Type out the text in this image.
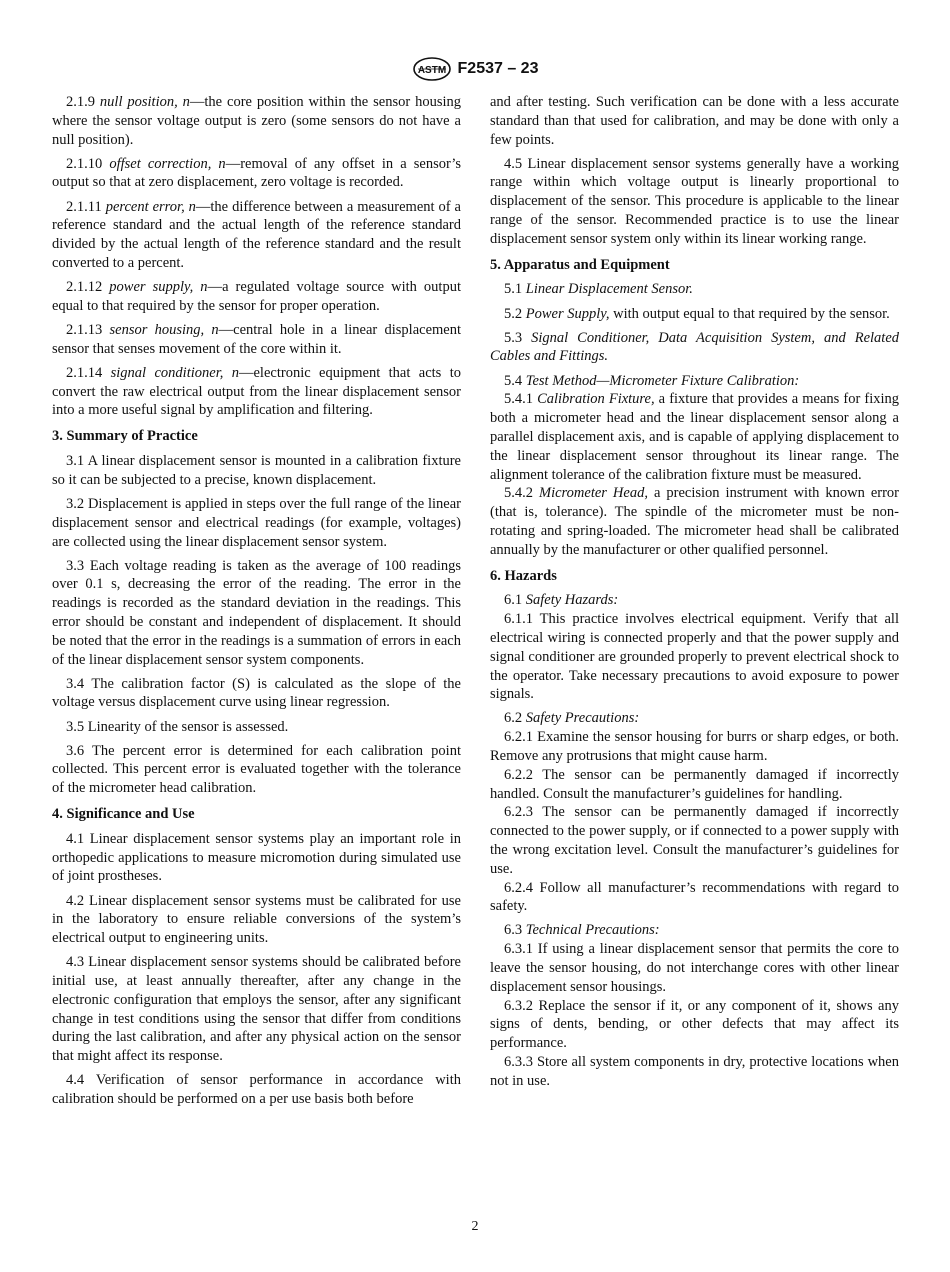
ASTM F2537 – 23

2.1.9 null position, n—the core position within the sensor housing where the sensor voltage output is zero (some sensors do not have a null position).

2.1.10 offset correction, n—removal of any offset in a sensor’s output so that at zero displacement, zero voltage is recorded.

2.1.11 percent error, n—the difference between a measurement of a reference standard and the actual length of the reference standard divided by the actual length of the reference standard and the result converted to a percent.

2.1.12 power supply, n—a regulated voltage source with output equal to that required by the sensor for proper operation.

2.1.13 sensor housing, n—central hole in a linear displacement sensor that senses movement of the core within it.

2.1.14 signal conditioner, n—electronic equipment that acts to convert the raw electrical output from the linear displacement sensor into a more useful signal by amplification and filtering.

3. Summary of Practice

3.1 A linear displacement sensor is mounted in a calibration fixture so it can be subjected to a precise, known displacement.

3.2 Displacement is applied in steps over the full range of the linear displacement sensor and electrical readings (for example, voltages) are collected using the linear displacement sensor system.

3.3 Each voltage reading is taken as the average of 100 readings over 0.1 s, decreasing the error of the reading. The error in the readings is recorded as the standard deviation in the readings. This error should be constant and independent of displacement. It should be noted that the error in the readings is a summation of errors in each of the linear displacement sensor system components.

3.4 The calibration factor (S) is calculated as the slope of the voltage versus displacement curve using linear regression.

3.5 Linearity of the sensor is assessed.

3.6 The percent error is determined for each calibration point collected. This percent error is evaluated together with the tolerance of the micrometer head calibration.

4. Significance and Use

4.1 Linear displacement sensor systems play an important role in orthopedic applications to measure micromotion during simulated use of joint prostheses.

4.2 Linear displacement sensor systems must be calibrated for use in the laboratory to ensure reliable conversions of the system’s electrical output to engineering units.

4.3 Linear displacement sensor systems should be calibrated before initial use, at least annually thereafter, after any change in the electronic configuration that employs the sensor, after any significant change in test conditions using the sensor that differ from conditions during the last calibration, and after any physical action on the sensor that might affect its response.

4.4 Verification of sensor performance in accordance with calibration should be performed on a per use basis both before

and after testing. Such verification can be done with a less accurate standard than that used for calibration, and may be done with only a few points.

4.5 Linear displacement sensor systems generally have a working range within which voltage output is linearly proportional to displacement of the sensor. This procedure is applicable to the linear range of the sensor. Recommended practice is to use the linear displacement sensor system only within its linear working range.

5. Apparatus and Equipment

5.1 Linear Displacement Sensor.

5.2 Power Supply, with output equal to that required by the sensor.

5.3 Signal Conditioner, Data Acquisition System, and Related Cables and Fittings.

5.4 Test Method—Micrometer Fixture Calibration:

5.4.1 Calibration Fixture, a fixture that provides a means for fixing both a micrometer head and the linear displacement sensor along a parallel displacement axis, and is capable of applying displacement to the linear displacement sensor throughout its linear range. The alignment tolerance of the calibration fixture must be measured.

5.4.2 Micrometer Head, a precision instrument with known error (that is, tolerance). The spindle of the micrometer must be non-rotating and spring-loaded. The micrometer head shall be calibrated annually by the manufacturer or other qualified personnel.

6. Hazards

6.1 Safety Hazards:

6.1.1 This practice involves electrical equipment. Verify that all electrical wiring is connected properly and that the power supply and signal conditioner are grounded properly to prevent electrical shock to the operator. Take necessary precautions to avoid exposure to power signals.

6.2 Safety Precautions:

6.2.1 Examine the sensor housing for burrs or sharp edges, or both. Remove any protrusions that might cause harm.

6.2.2 The sensor can be permanently damaged if incorrectly handled. Consult the manufacturer’s guidelines for handling.

6.2.3 The sensor can be permanently damaged if incorrectly connected to the power supply, or if connected to a power supply with the wrong excitation level. Consult the manufacturer’s guidelines for use.

6.2.4 Follow all manufacturer’s recommendations with regard to safety.

6.3 Technical Precautions:

6.3.1 If using a linear displacement sensor that permits the core to leave the sensor housing, do not interchange cores with other linear displacement sensor housings.

6.3.2 Replace the sensor if it, or any component of it, shows any signs of dents, bending, or other defects that may affect its performance.

6.3.3 Store all system components in dry, protective locations when not in use.

2
